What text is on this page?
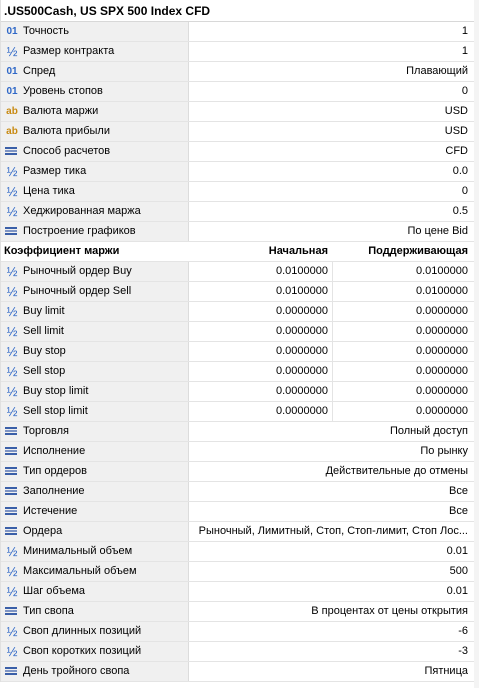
.US500Cash, US SPX 500 Index CFD
01 Точность	1
½ Размер контракта	1
01 Спред	Плавающий
01 Уровень стопов	0
ab Валюта маржи	USD
ab Валюта прибыли	USD
Способ расчетов	CFD
½ Размер тика	0.0
½ Цена тика	0
½ Хеджированная маржа	0.5
Построение графиков	По цене Bid
Коэффициент маржи	Начальная	Поддерживающая
½ Рыночный ордер Buy	0.0100000	0.0100000
½ Рыночный ордер Sell	0.0100000	0.0100000
½ Buy limit	0.0000000	0.0000000
½ Sell limit	0.0000000	0.0000000
½ Buy stop	0.0000000	0.0000000
½ Sell stop	0.0000000	0.0000000
½ Buy stop limit	0.0000000	0.0000000
½ Sell stop limit	0.0000000	0.0000000
Торговля	Полный доступ
Исполнение	По рынку
Тип ордеров	Действительные до отмены
Заполнение	Все
Истечение	Все
Ордера	Рыночный, Лимитный, Стоп, Стоп-лимит, Стоп Лос...
½ Минимальный объем	0.01
½ Максимальный объем	500
½ Шаг объема	0.01
Тип свопа	В процентах от цены открытия
½ Своп длинных позиций	-6
½ Своп коротких позиций	-3
День тройного свопа	Пятница
